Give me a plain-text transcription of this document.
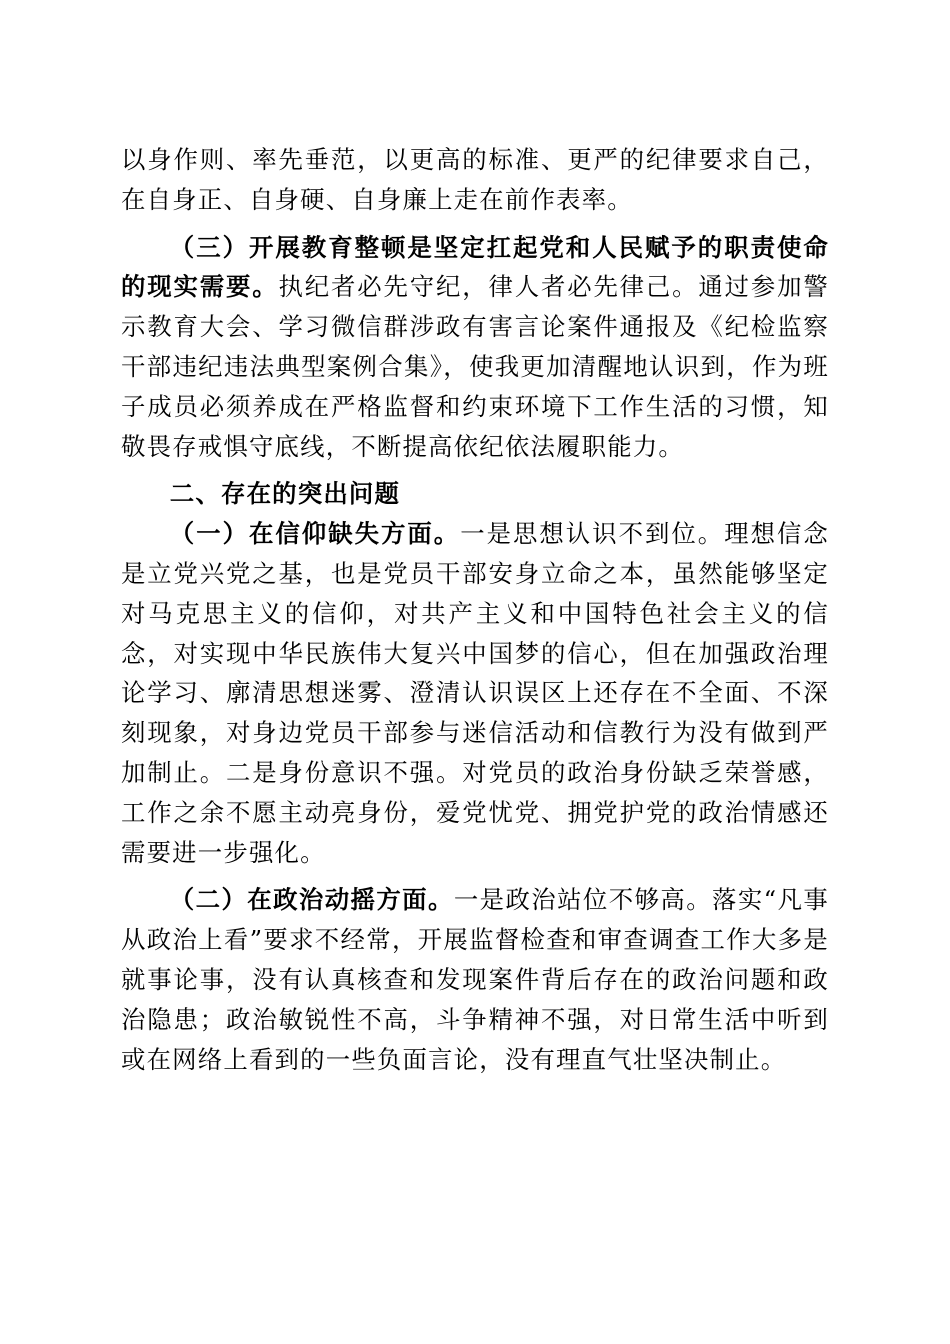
以身作则、率先垂范，以更高的标准、更严的纪律要求自己，在自身正、自身硬、自身廉上走在前作表率。

（三）开展教育整顿是坚定扛起党和人民赋予的职责使命的现实需要。执纪者必先守纪，律人者必先律己。通过参加警示教育大会、学习微信群涉政有害言论案件通报及《纪检监察干部违纪违法典型案例合集》，使我更加清醒地认识到，作为班子成员必须养成在严格监督和约束环境下工作生活的习惯，知敬畏存戒惧守底线，不断提高依纪依法履职能力。

二、存在的突出问题

（一）在信仰缺失方面。一是思想认识不到位。理想信念是立党兴党之基，也是党员干部安身立命之本，虽然能够坚定对马克思主义的信仰，对共产主义和中国特色社会主义的信念，对实现中华民族伟大复兴中国梦的信心，但在加强政治理论学习、廓清思想迷雾、澄清认识误区上还存在不全面、不深刻现象，对身边党员干部参与迷信活动和信教行为没有做到严加制止。二是身份意识不强。对党员的政治身份缺乏荣誉感，工作之余不愿主动亮身份，爱党忧党、拥党护党的政治情感还需要进一步强化。

（二）在政治动摇方面。一是政治站位不够高。落实“凡事从政治上看”要求不经常，开展监督检查和审查调查工作大多是就事论事，没有认真核查和发现案件背后存在的政治问题和政治隐患；政治敏锐性不高，斗争精神不强，对日常生活中听到或在网络上看到的一些负面言论，没有理直气壮坚决制止。
